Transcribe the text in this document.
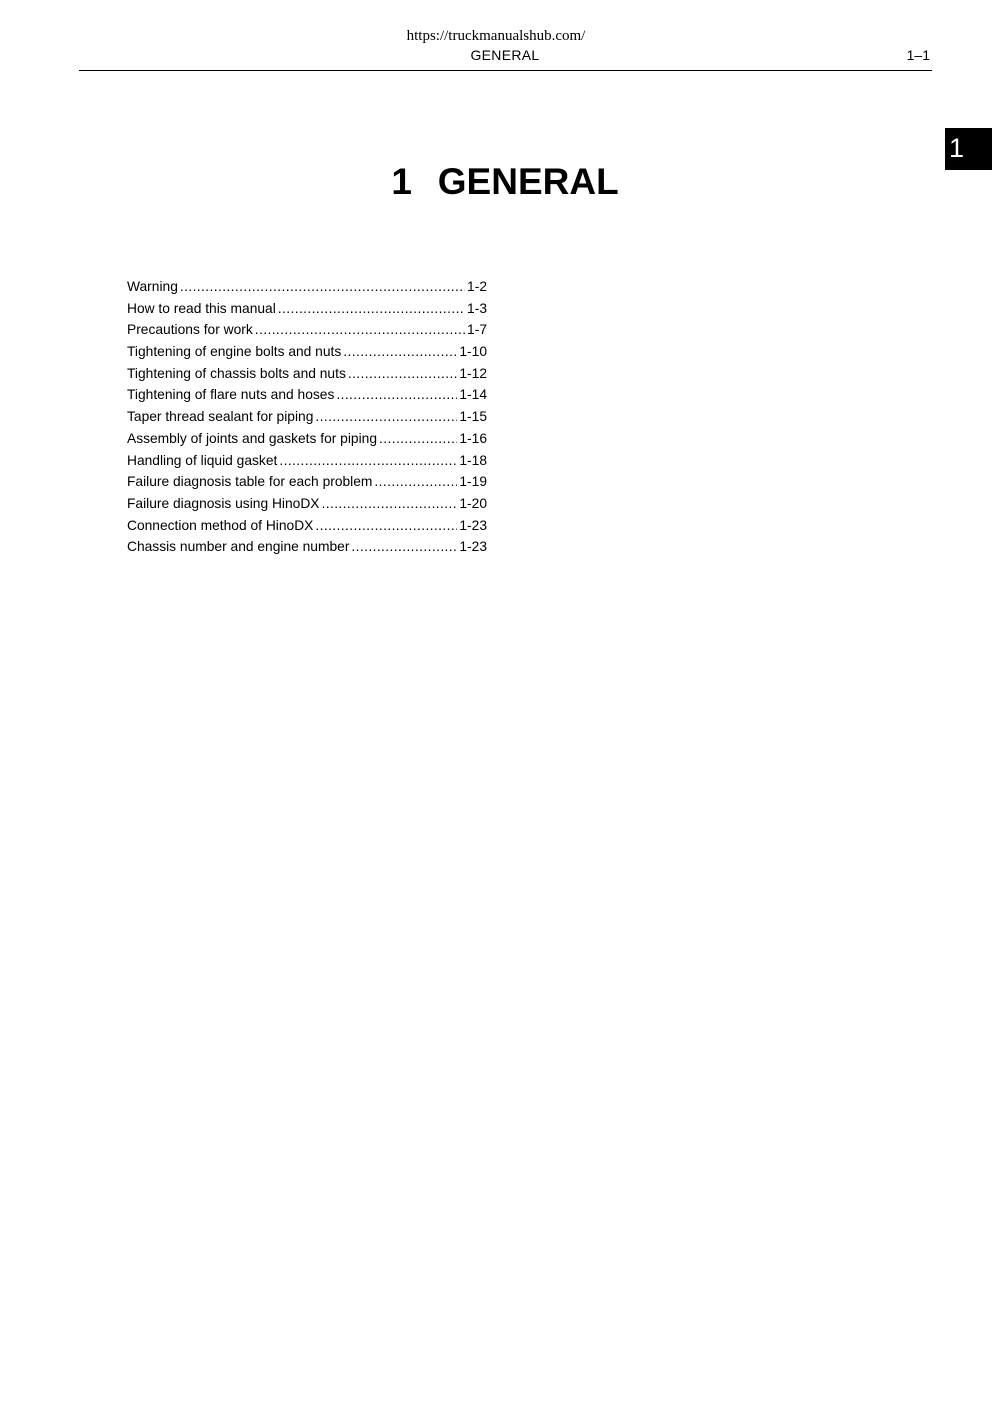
https://truckmanualshub.com/
GENERAL	1–1
1
1 GENERAL
Warning .....	1-2
How to read this manual .....	1-3
Precautions for work .....	1-7
Tightening of engine bolts and nuts .....	1-10
Tightening of chassis bolts and nuts .....	1-12
Tightening of flare nuts and hoses .....	1-14
Taper thread sealant for piping .....	1-15
Assembly of joints and gaskets for piping .....	1-16
Handling of liquid gasket .....	1-18
Failure diagnosis table for each problem .....	1-19
Failure diagnosis using HinoDX .....	1-20
Connection method of HinoDX .....	1-23
Chassis number and engine number .....	1-23
